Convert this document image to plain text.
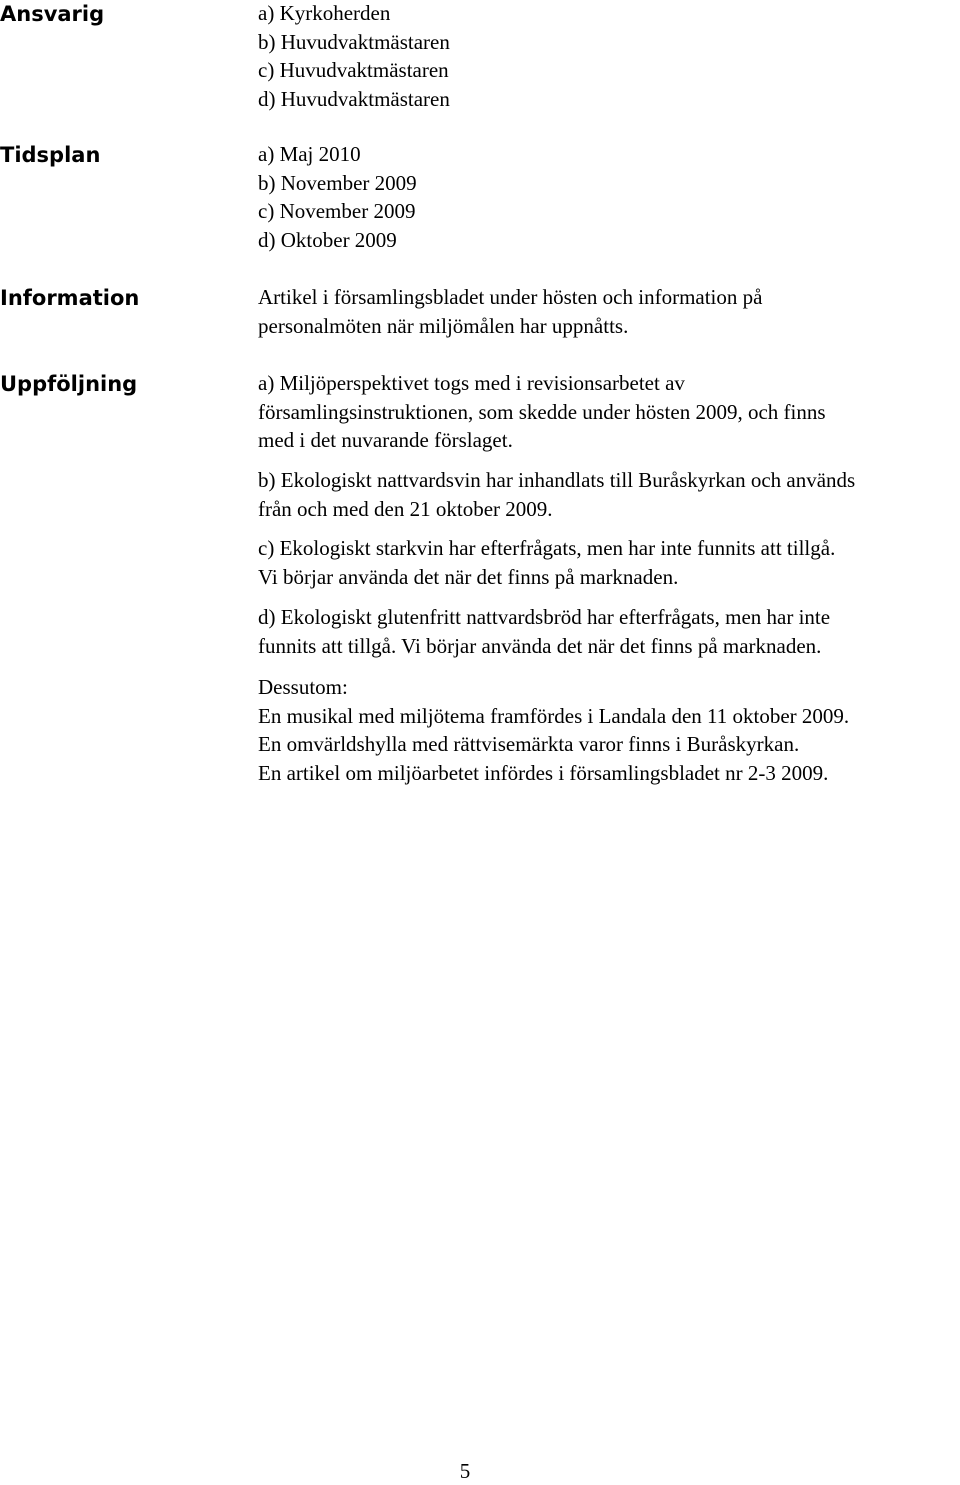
Ansvarig	a) Kyrkoherden
b) Huvudvaktmästaren
c) Huvudvaktmästaren
d) Huvudvaktmästaren
Tidsplan	a) Maj 2010
b) November 2009
c) November 2009
d) Oktober 2009
Information	Artikel i församlingsbladet under hösten och information på
personalmöten när miljömålen har uppnåtts.
Uppföljning	a) Miljöperspektivet togs med i revisionsarbetet av
församlingsinstruktionen, som skedde under hösten 2009, och finns
med i det nuvarande förslaget.
b) Ekologiskt nattvardsvin har inhandlats till Buråskyrkan och används
från och med den 21 oktober 2009.
c) Ekologiskt starkvin har efterfrågats, men har inte funnits att tillgå.
Vi börjar använda det när det finns på marknaden.
d) Ekologiskt glutenfritt nattvardsbröd har efterfrågats, men har inte
funnits att tillgå. Vi börjar använda det när det finns på marknaden.
Dessutom:
En musikal med miljötema framfördes i Landala den 11 oktober 2009.
En omvärldshylla med rättvisemärkta varor finns i Buråskyrkan.
En artikel om miljöarbetet infördes i församlingsbladet nr 2-3 2009.
5
